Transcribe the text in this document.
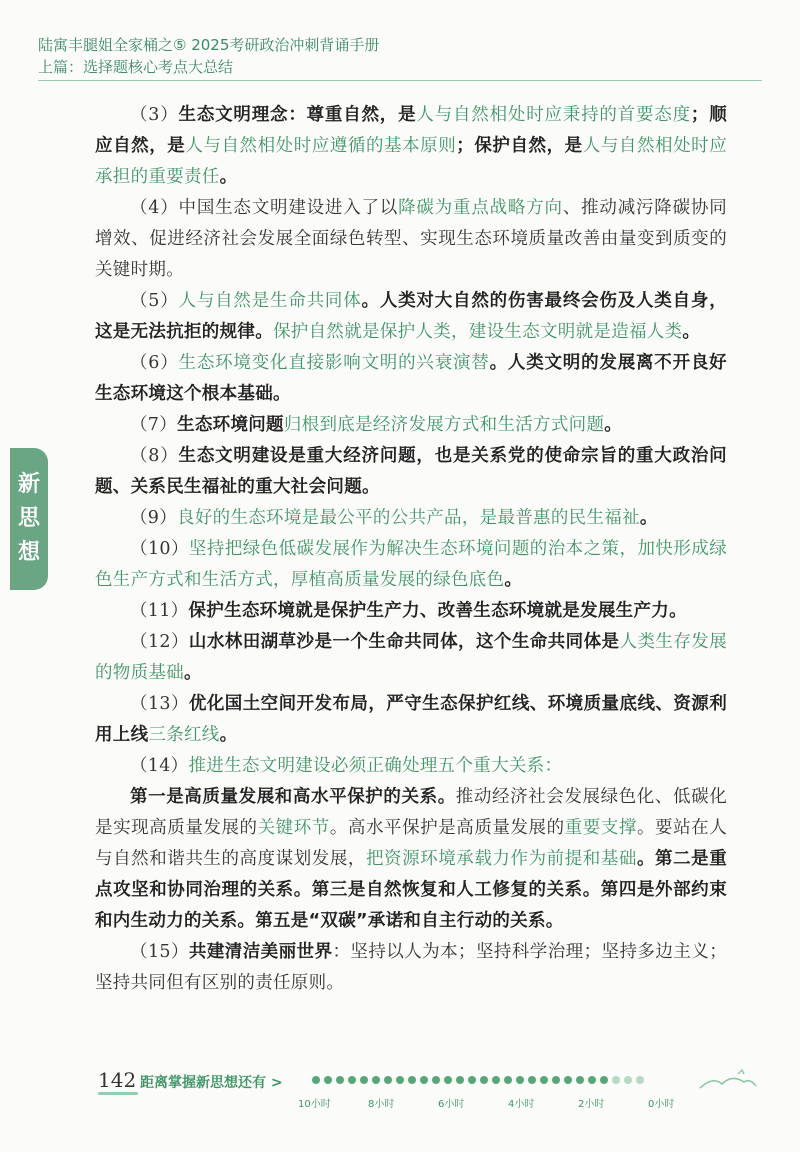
陆寓丰腿姐全家桶之⑤ 2025考研政治冲刺背诵手册
上篇：选择题核心考点大总结
新
思
想

（3）生态文明理念：尊重自然，是人与自然相处时应秉持的首要态度；顺应自然，是人与自然相处时应遵循的基本原则；保护自然，是人与自然相处时应承担的重要责任。

（4）中国生态文明建设进入了以降碳为重点战略方向、推动减污降碳协同增效、促进经济社会发展全面绿色转型、实现生态环境质量改善由量变到质变的关键时期。

（5）人与自然是生命共同体。人类对大自然的伤害最终会伤及人类自身，这是无法抗拒的规律。保护自然就是保护人类，建设生态文明就是造福人类。

（6）生态环境变化直接影响文明的兴衰演替。人类文明的发展离不开良好生态环境这个根本基础。

（7）生态环境问题归根到底是经济发展方式和生活方式问题。

（8）生态文明建设是重大经济问题，也是关系党的使命宗旨的重大政治问题、关系民生福祉的重大社会问题。

（9）良好的生态环境是最公平的公共产品，是最普惠的民生福祉。

（10）坚持把绿色低碳发展作为解决生态环境问题的治本之策，加快形成绿色生产方式和生活方式，厚植高质量发展的绿色底色。

（11）保护生态环境就是保护生产力、改善生态环境就是发展生产力。

（12）山水林田湖草沙是一个生命共同体，这个生命共同体是人类生存发展的物质基础。

（13）优化国土空间开发布局，严守生态保护红线、环境质量底线、资源利用上线三条红线。

（14）推进生态文明建设必须正确处理五个重大关系：

第一是高质量发展和高水平保护的关系。推动经济社会发展绿色化、低碳化是实现高质量发展的关键环节。高水平保护是高质量发展的重要支撑。要站在人与自然和谐共生的高度谋划发展，把资源环境承载力作为前提和基础。第二是重点攻坚和协同治理的关系。第三是自然恢复和人工修复的关系。第四是外部约束和内生动力的关系。第五是“双碳”承诺和自主行动的关系。

（15）共建清洁美丽世界：坚持以人为本；坚持科学治理；坚持多边主义；坚持共同但有区别的责任原则。

142 距离掌握新思想还有 >
10小时	8小时	6小时	4小时	2小时	0小时
